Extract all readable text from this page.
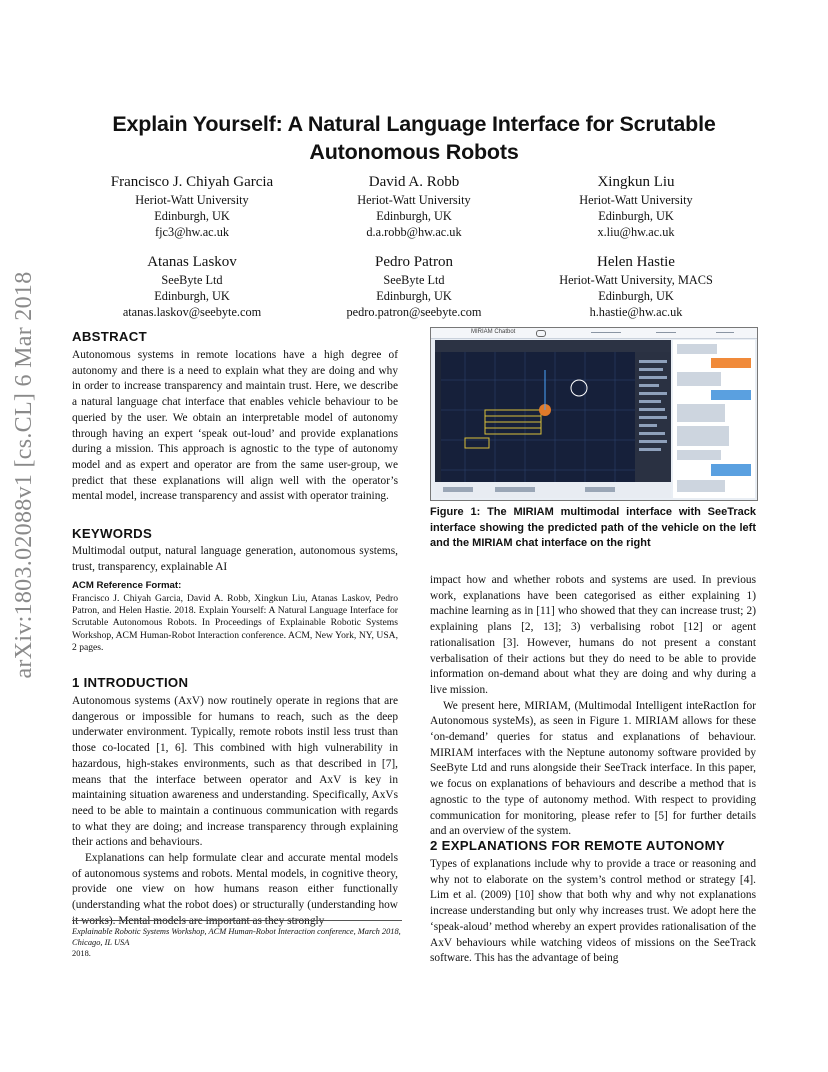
arXiv:1803.02088v1 [cs.CL] 6 Mar 2018
Explain Yourself: A Natural Language Interface for Scrutable
Autonomous Robots
Francisco J. Chiyah Garcia
Heriot-Watt University
Edinburgh, UK
fjc3@hw.ac.uk
David A. Robb
Heriot-Watt University
Edinburgh, UK
d.a.robb@hw.ac.uk
Xingkun Liu
Heriot-Watt University
Edinburgh, UK
x.liu@hw.ac.uk
Atanas Laskov
SeeByte Ltd
Edinburgh, UK
atanas.laskov@seebyte.com
Pedro Patron
SeeByte Ltd
Edinburgh, UK
pedro.patron@seebyte.com
Helen Hastie
Heriot-Watt University, MACS
Edinburgh, UK
h.hastie@hw.ac.uk
ABSTRACT

Autonomous systems in remote locations have a high degree of autonomy and there is a need to explain what they are doing and why in order to increase transparency and maintain trust. Here, we describe a natural language chat interface that enables vehicle behaviour to be queried by the user. We obtain an interpretable model of autonomy through having an expert ‘speak out-loud’ and provide explanations during a mission. This approach is agnostic to the type of autonomy model and as expert and operator are from the same user-group, we predict that these explanations will align well with the operator’s mental model, increase transparency and assist with operator training.

KEYWORDS

Multimodal output, natural language generation, autonomous systems, trust, transparency, explainable AI

ACM Reference Format:
Francisco J. Chiyah Garcia, David A. Robb, Xingkun Liu, Atanas Laskov, Pedro Patron, and Helen Hastie. 2018. Explain Yourself: A Natural Language Interface for Scrutable Autonomous Robots. In Proceedings of Explainable Robotic Systems Workshop, ACM Human-Robot Interaction conference. ACM, New York, NY, USA, 2 pages.
1 INTRODUCTION

Autonomous systems (AxV) now routinely operate in regions that are dangerous or impossible for humans to reach, such as the deep underwater environment. Typically, remote robots instil less trust than those co-located [1, 6]. This combined with high vulnerability in hazardous, high-stakes environments, such as that described in [7], means that the interface between operator and AxV is key in maintaining situation awareness and understanding. Specifically, AxVs need to be able to maintain a continuous communication with regards to what they are doing; and increase transparency through explaining their actions and behaviours.

Explanations can help formulate clear and accurate mental models of autonomous systems and robots. Mental models, in cognitive theory, provide one view on how humans reason either functionally (understanding what the robot does) or structurally (understanding how it works). Mental models are important as they strongly

Explainable Robotic Systems Workshop, ACM Human-Robot Interaction conference, March 2018, Chicago, IL USA
2018.
MIRIAM Chatbot
Figure 1: The MIRIAM multimodal interface with SeeTrack interface showing the predicted path of the vehicle on the left and the MIRIAM chat interface on the right

impact how and whether robots and systems are used. In previous work, explanations have been categorised as either explaining 1) machine learning as in [11] who showed that they can increase trust; 2) explaining plans [2, 13]; 3) verbalising robot [12] or agent rationalisation [3]. However, humans do not present a constant verbalisation of their actions but they do need to be able to provide information on-demand about what they are doing and why during a live mission.

We present here, MIRIAM, (Multimodal Intelligent inteRactIon for Autonomous systeMs), as seen in Figure 1. MIRIAM allows for these ‘on-demand’ queries for status and explanations of behaviour. MIRIAM interfaces with the Neptune autonomy software provided by SeeByte Ltd and runs alongside their SeeTrack interface. In this paper, we focus on explanations of behaviours and describe a method that is agnostic to the type of autonomy method. With respect to providing communication for monitoring, please refer to [5] for further details and an overview of the system.

2 EXPLANATIONS FOR REMOTE AUTONOMY

Types of explanations include why to provide a trace or reasoning and why not to elaborate on the system’s control method or strategy [4]. Lim et al. (2009) [10] show that both why and why not explanations increase understanding but only why increases trust. We adopt here the ‘speak-aloud’ method whereby an expert provides rationalisation of the AxV behaviours while watching videos of missions on the SeeTrack software. This has the advantage of being
